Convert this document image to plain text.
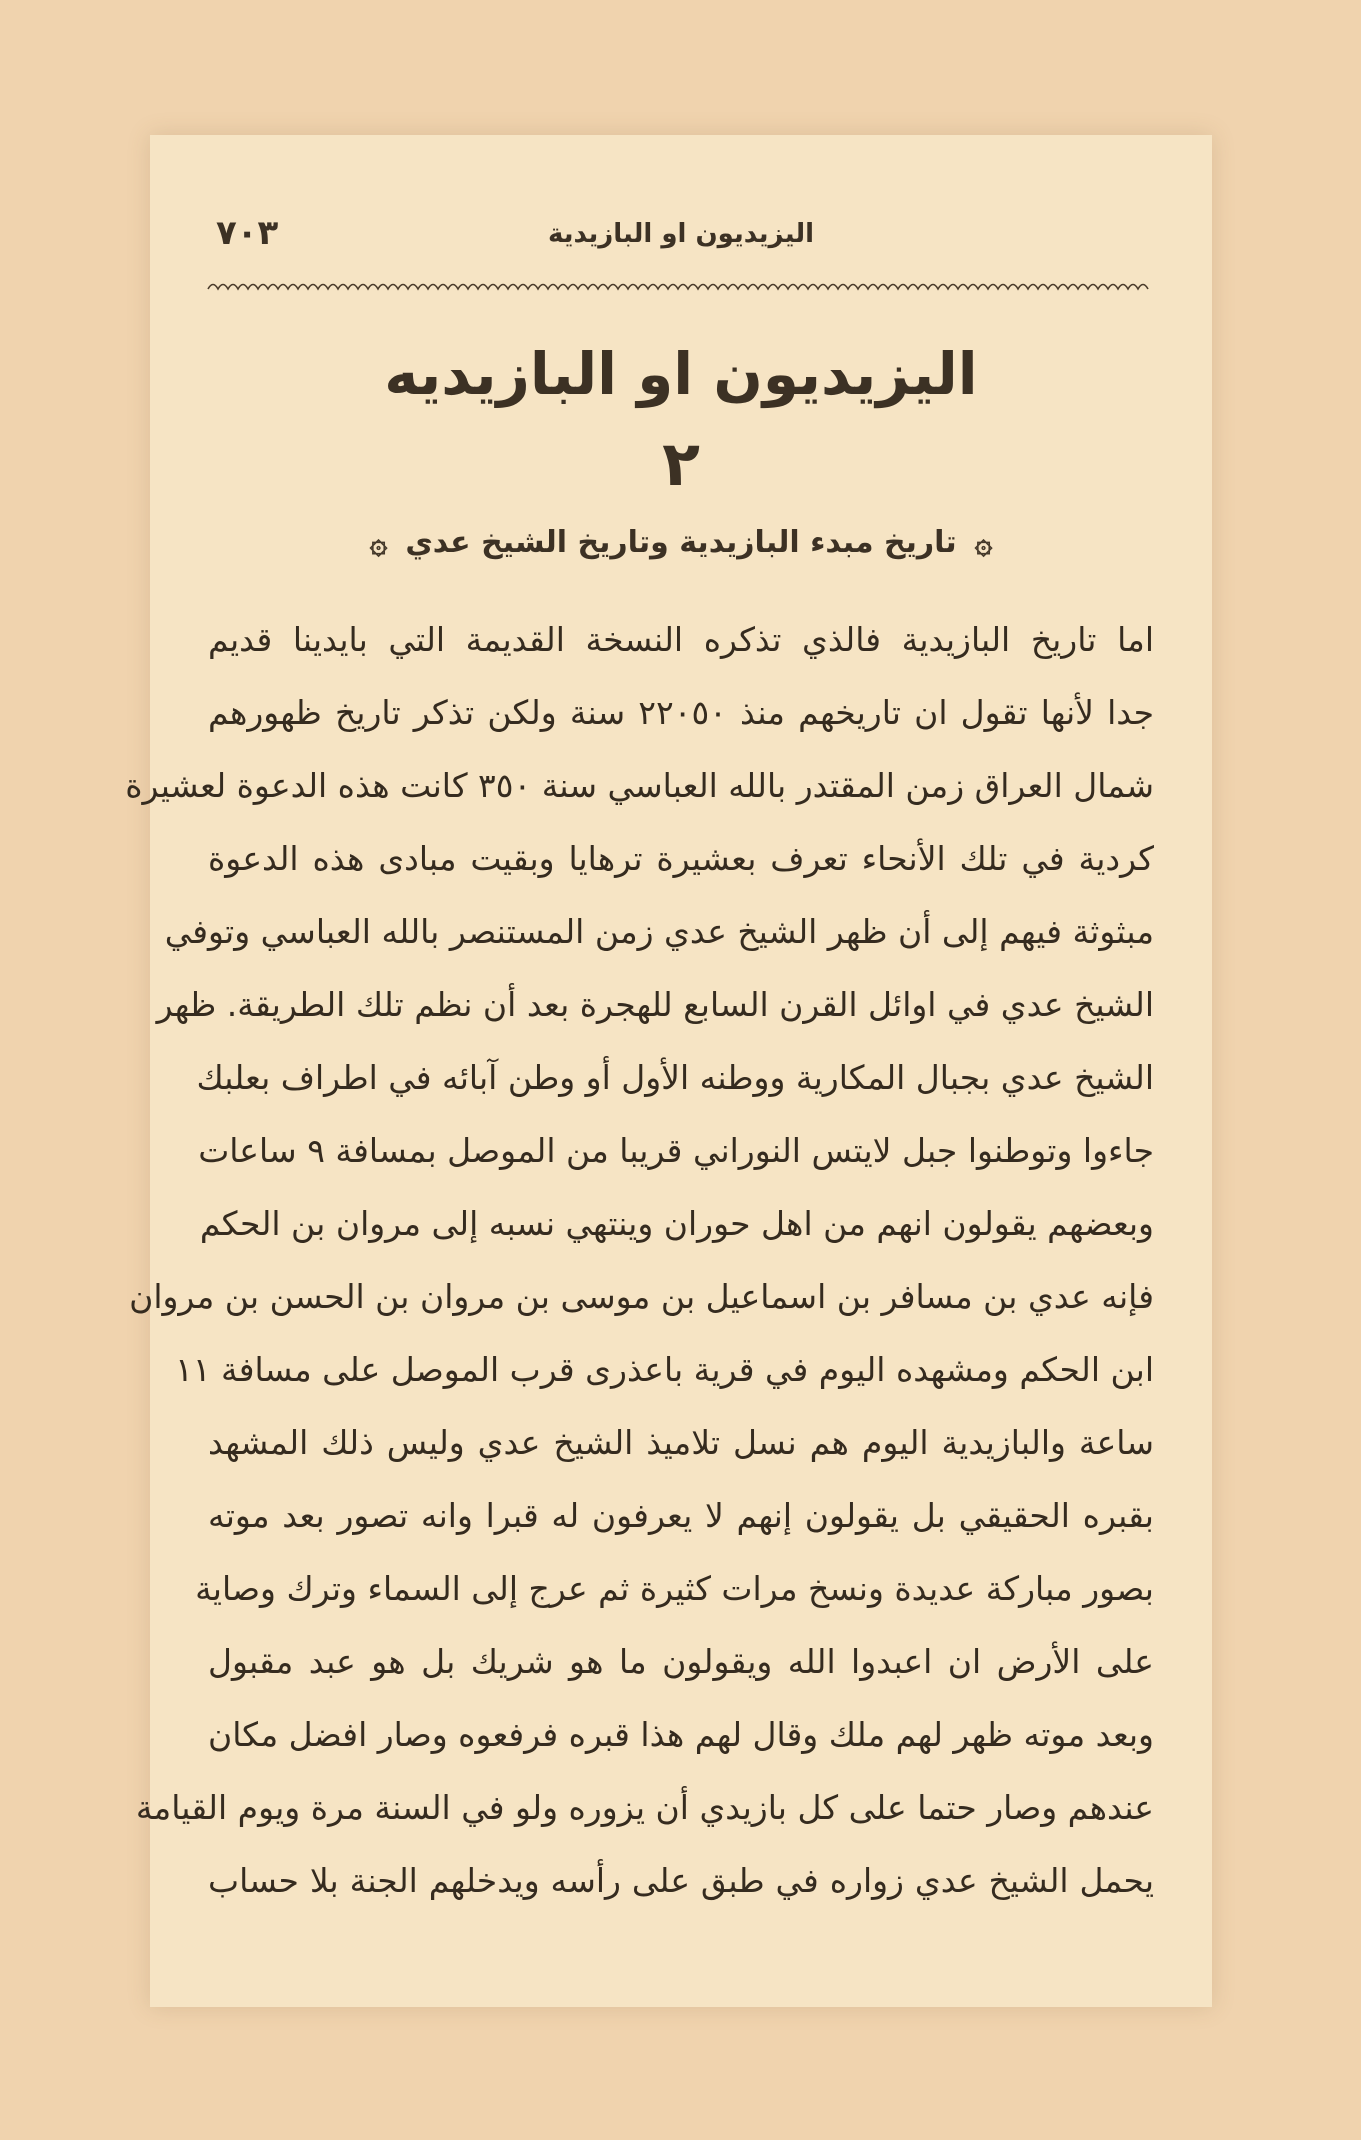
٧٠٣	اليزيديون او البازيدية
اليزيديون او البازيديه
٢
۞تاريخ مبدء البازيدية وتاريخ الشيخ عدي۞
اما تاريخ البازيدية فالذي تذكره النسخة القديمة التي بايدينا قديم
جدا لأنها تقول ان تاريخهم منذ ٢٢٠٥٠ سنة ولكن تذكر تاريخ ظهورهم
شمال العراق زمن المقتدر بالله العباسي سنة ٣٥٠ كانت هذه الدعوة لعشيرة
كردية في تلك الأنحاء تعرف بعشيرة ترهايا وبقيت مبادى هذه الدعوة
مبثوثة فيهم إلى أن ظهر الشيخ عدي زمن المستنصر بالله العباسي وتوفي
الشيخ عدي في اوائل القرن السابع للهجرة بعد أن نظم تلك الطريقة. ظهر
الشيخ عدي بجبال المكارية ووطنه الأول أو وطن آبائه في اطراف بعلبك
جاءوا وتوطنوا جبل لايتس النوراني قريبا من الموصل بمسافة ٩ ساعات
وبعضهم يقولون انهم من اهل حوران وينتهي نسبه إلى مروان بن الحكم
فإنه عدي بن مسافر بن اسماعيل بن موسى بن مروان بن الحسن بن مروان
ابن الحكم ومشهده اليوم في قرية باعذرى قرب الموصل على مسافة ١١
ساعة والبازيدية اليوم هم نسل تلاميذ الشيخ عدي وليس ذلك المشهد
بقبره الحقيقي بل يقولون إنهم لا يعرفون له قبرا وانه تصور بعد موته
بصور مباركة عديدة ونسخ مرات كثيرة ثم عرج إلى السماء وترك وصاية
على الأرض ان اعبدوا الله ويقولون ما هو شريك بل هو عبد مقبول
وبعد موته ظهر لهم ملك وقال لهم هذا قبره فرفعوه وصار افضل مكان
عندهم وصار حتما على كل بازيدي أن يزوره ولو في السنة مرة ويوم القيامة
يحمل الشيخ عدي زواره في طبق على رأسه ويدخلهم الجنة بلا حساب
